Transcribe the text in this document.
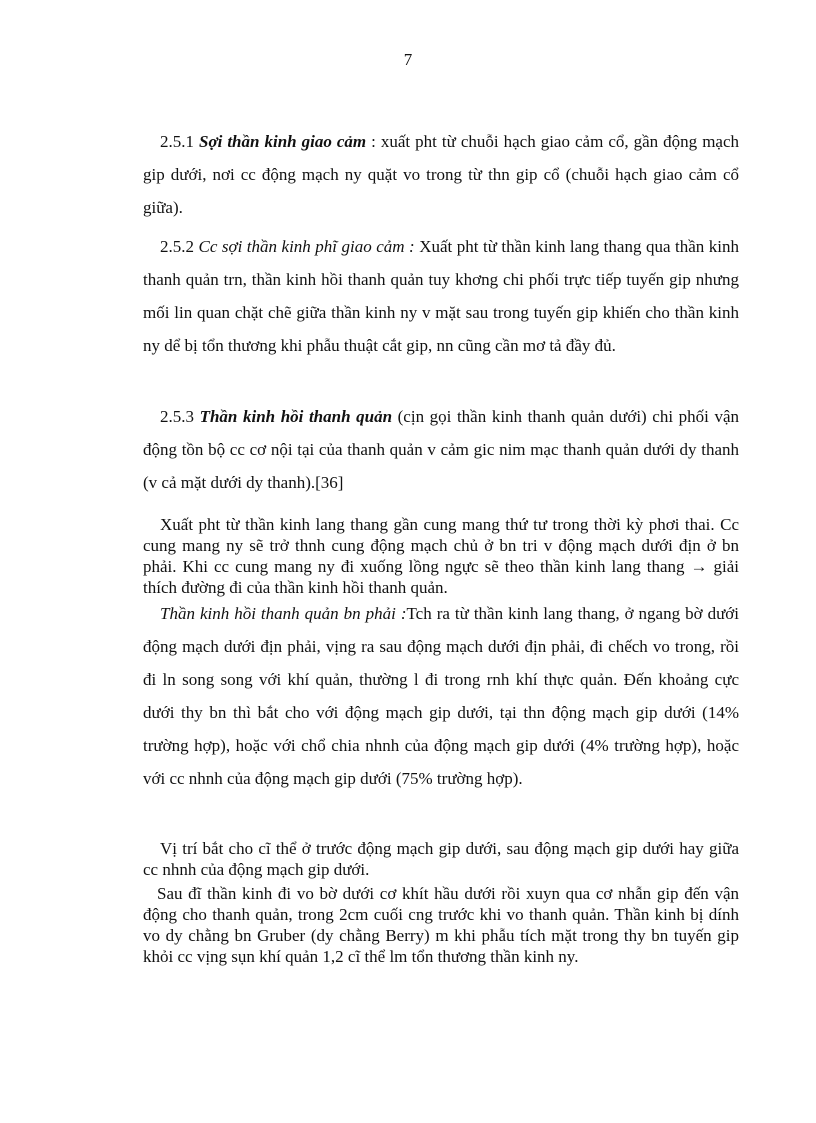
7

2.5.1 Sợi thần kinh giao cảm : xuất pht từ chuỗi hạch giao cảm cổ, gần động mạch gip dưới, nơi cc động mạch ny quặt vo trong từ thn gip cổ (chuỗi hạch giao cảm cổ giữa).

2.5.2 Cc sợi thần kinh phĩ giao cảm : Xuất pht từ thần kinh lang thang qua thần kinh thanh quản trn, thần kinh hồi thanh quản tuy khơng chi phối trực tiếp tuyến gip nhưng mối lin quan chặt chẽ giữa thần kinh ny v mặt sau trong tuyến gip khiến cho thần kinh ny dể bị tổn thương khi phẫu thuật cắt gip, nn cũng cần mơ tả đầy đủ.

2.5.3 Thần kinh hồi thanh quản (cịn gọi thần kinh thanh quản dưới) chi phối vận động tồn bộ cc cơ nội tại của thanh quản v cảm gic nim mạc thanh quản dưới dy thanh (v cả mặt dưới dy thanh).[36]

Xuất pht từ thần kinh lang thang gần cung mang thứ tư trong thời kỳ phơi thai. Cc cung mang ny sẽ trở thnh cung động mạch chủ ở bn tri v động mạch dưới địn ở bn phải. Khi cc cung mang ny đi xuống lồng ngực sẽ theo thần kinh lang thang → giải thích đường đi của thần kinh hồi thanh quản.

Thần kinh hồi thanh quản bn phải :Tch ra từ thần kinh lang thang, ở ngang bờ dưới động mạch dưới địn phải, vịng ra sau động mạch dưới địn phải, đi chếch vo trong, rồi đi ln song song với khí quản, thường l đi trong rnh khí thực quản. Đến khoảng cực dưới thy bn thì bắt cho với động mạch gip dưới, tại thn động mạch gip dưới (14% trường hợp), hoặc với chổ chia nhnh của động mạch gip dưới (4% trường hợp), hoặc với cc nhnh của động mạch gip dưới (75% trường hợp).

Vị trí bắt cho cĩ thể ở trước động mạch gip dưới, sau động mạch gip dưới hay giữa cc nhnh của động mạch gip dưới.

Sau đĩ thần kinh đi vo bờ dưới cơ khít hầu dưới rồi xuyn qua cơ nhẫn gip đến vận động cho thanh quản, trong 2cm cuối cng trước khi vo thanh quản. Thần kinh bị dính vo dy chằng bn Gruber (dy chằng Berry) m khi phẫu tích mặt trong thy bn tuyến gip khỏi cc vịng sụn khí quản 1,2 cĩ thể lm tổn thương thần kinh ny.
